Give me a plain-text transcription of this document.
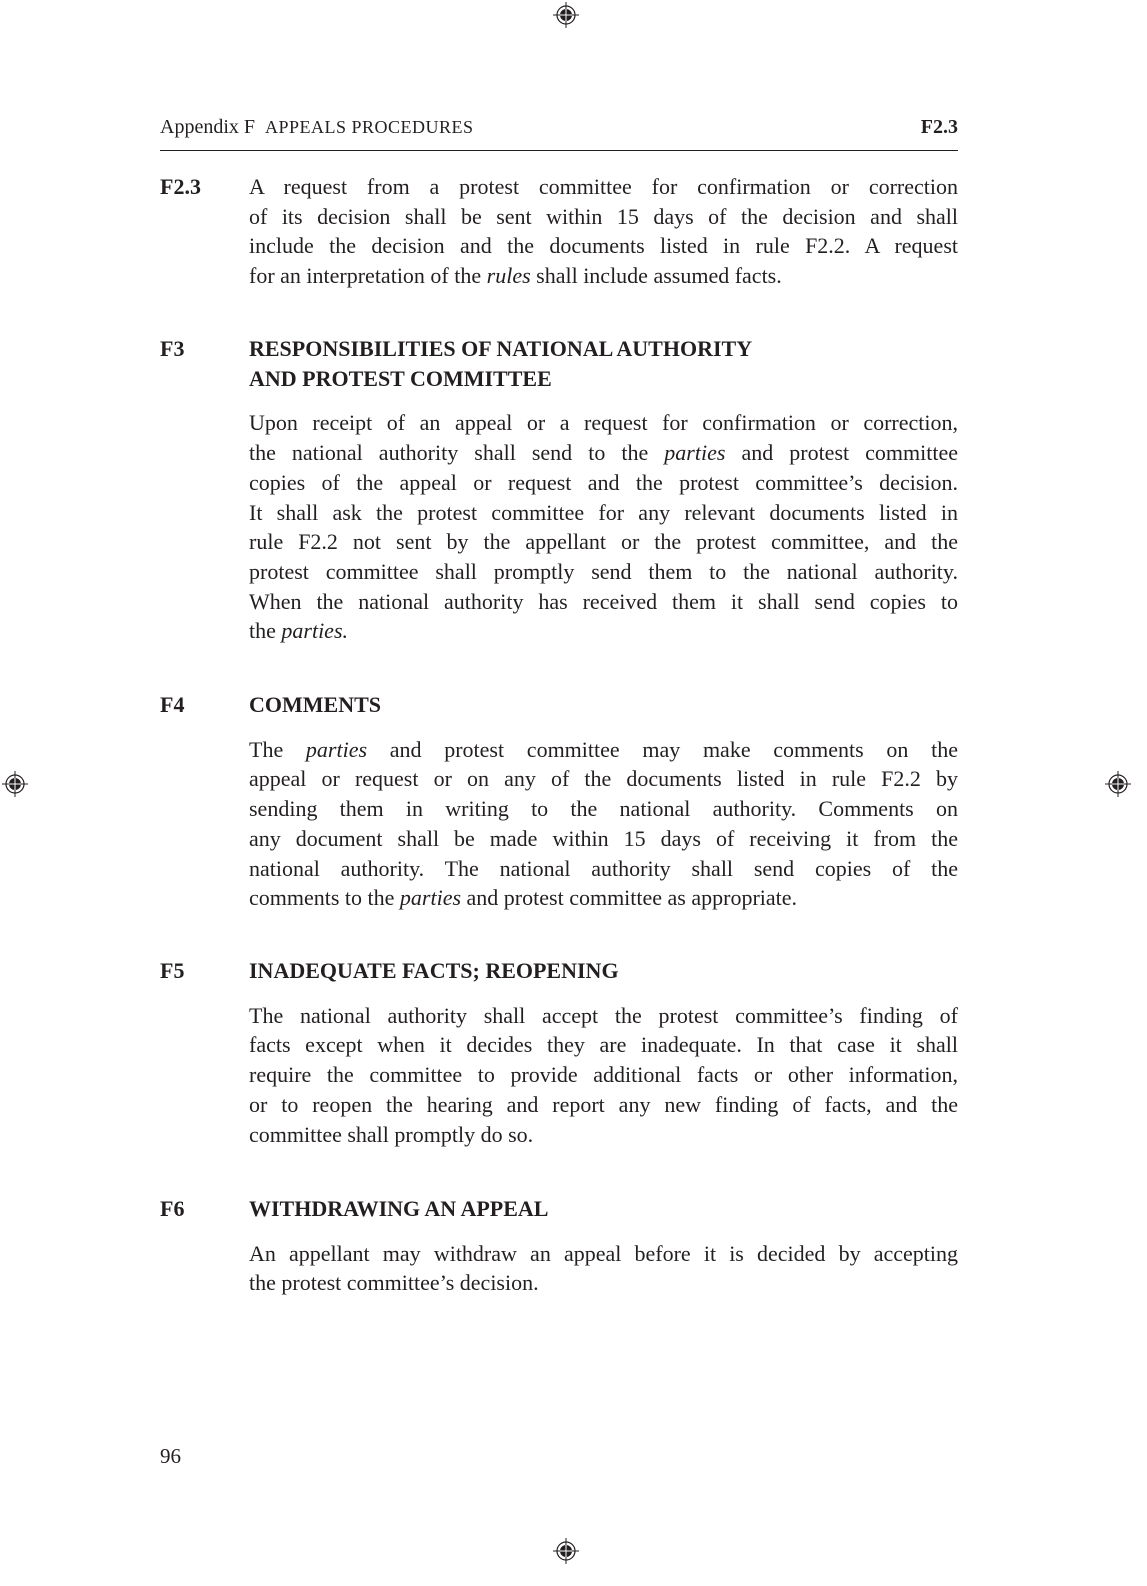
Appendix F APPEALS PROCEDURES	F2.3
F2.3 A request from a protest committee for confirmation or correction
of its decision shall be sent within 15 days of the decision and shall
include the decision and the documents listed in rule F2.2. A request
for an interpretation of the rules shall include assumed facts.
F3	RESPONSIBILITIES OF NATIONAL AUTHORITY
AND PROTEST COMMITTEE
Upon receipt of an appeal or a request for confirmation or correction,
the national authority shall send to the parties and protest committee
copies of the appeal or request and the protest committee’s decision.
It shall ask the protest committee for any relevant documents listed in
rule F2.2 not sent by the appellant or the protest committee, and the
protest committee shall promptly send them to the national authority.
When the national authority has received them it shall send copies to
the parties.
F4	COMMENTS
The parties and protest committee may make comments on the
appeal or request or on any of the documents listed in rule F2.2 by
sending them in writing to the national authority. Comments on
any document shall be made within 15 days of receiving it from the
national authority. The national authority shall send copies of the
comments to the parties and protest committee as appropriate.
F5	INADEQUATE FACTS; REOPENING
The national authority shall accept the protest committee’s finding of
facts except when it decides they are inadequate. In that case it shall
require the committee to provide additional facts or other information,
or to reopen the hearing and report any new finding of facts, and the
committee shall promptly do so.
F6	WITHDRAWING AN APPEAL
An appellant may withdraw an appeal before it is decided by accepting
the protest committee’s decision.
96
